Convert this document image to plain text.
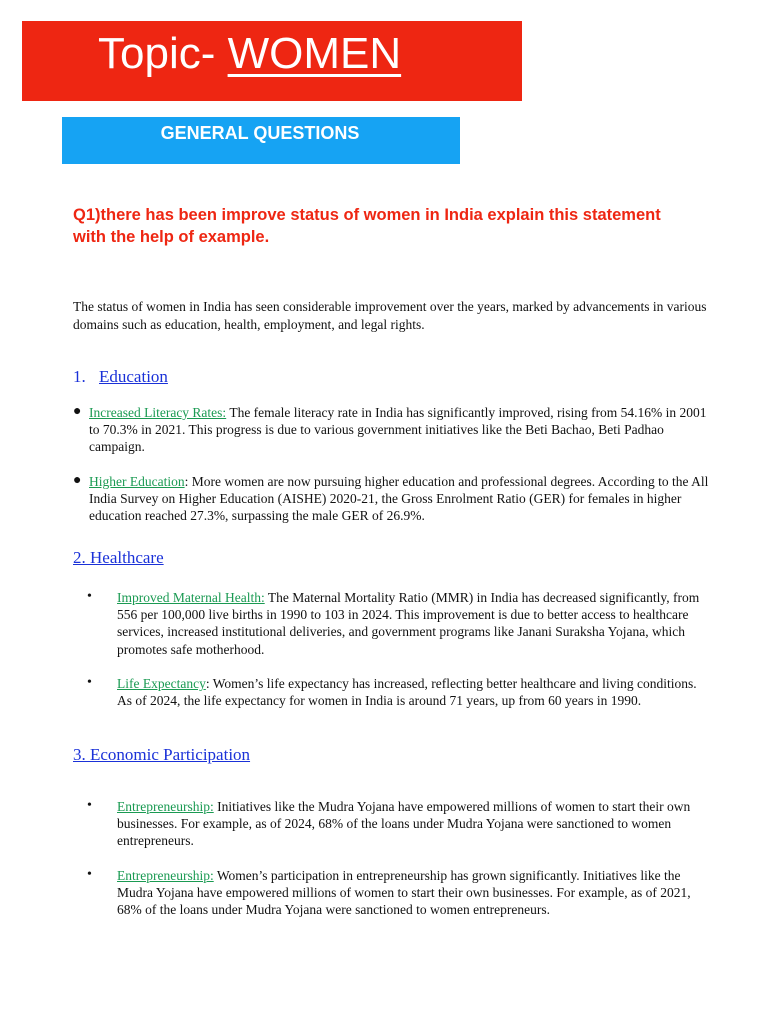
Topic- WOMEN
GENERAL QUESTIONS
Q1)there has been improve status of women in India explain this statement with the help of example.
The status of women in India has seen considerable improvement over the years, marked by advancements in various domains such as education, health, employment, and legal rights.
1. Education
● Increased Literacy Rates: The female literacy rate in India has significantly improved, rising from 54.16% in 2001 to 70.3% in 2021. This progress is due to various government initiatives like the Beti Bachao, Beti Padhao campaign.
● Higher Education: More women are now pursuing higher education and professional degrees. According to the All India Survey on Higher Education (AISHE) 2020-21, the Gross Enrolment Ratio (GER) for females in higher education reached 27.3%, surpassing the male GER of 26.9%.
2. Healthcare
• Improved Maternal Health: The Maternal Mortality Ratio (MMR) in India has decreased significantly, from 556 per 100,000 live births in 1990 to 103 in 2024. This improvement is due to better access to healthcare services, increased institutional deliveries, and government programs like Janani Suraksha Yojana, which promotes safe motherhood.
• Life Expectancy: Women’s life expectancy has increased, reflecting better healthcare and living conditions. As of 2024, the life expectancy for women in India is around 71 years, up from 60 years in 1990.
3. Economic Participation
• Entrepreneurship: Initiatives like the Mudra Yojana have empowered millions of women to start their own businesses. For example, as of 2024, 68% of the loans under Mudra Yojana were sanctioned to women entrepreneurs.
• Entrepreneurship: Women’s participation in entrepreneurship has grown significantly. Initiatives like the Mudra Yojana have empowered millions of women to start their own businesses. For example, as of 2021, 68% of the loans under Mudra Yojana were sanctioned to women entrepreneurs.
